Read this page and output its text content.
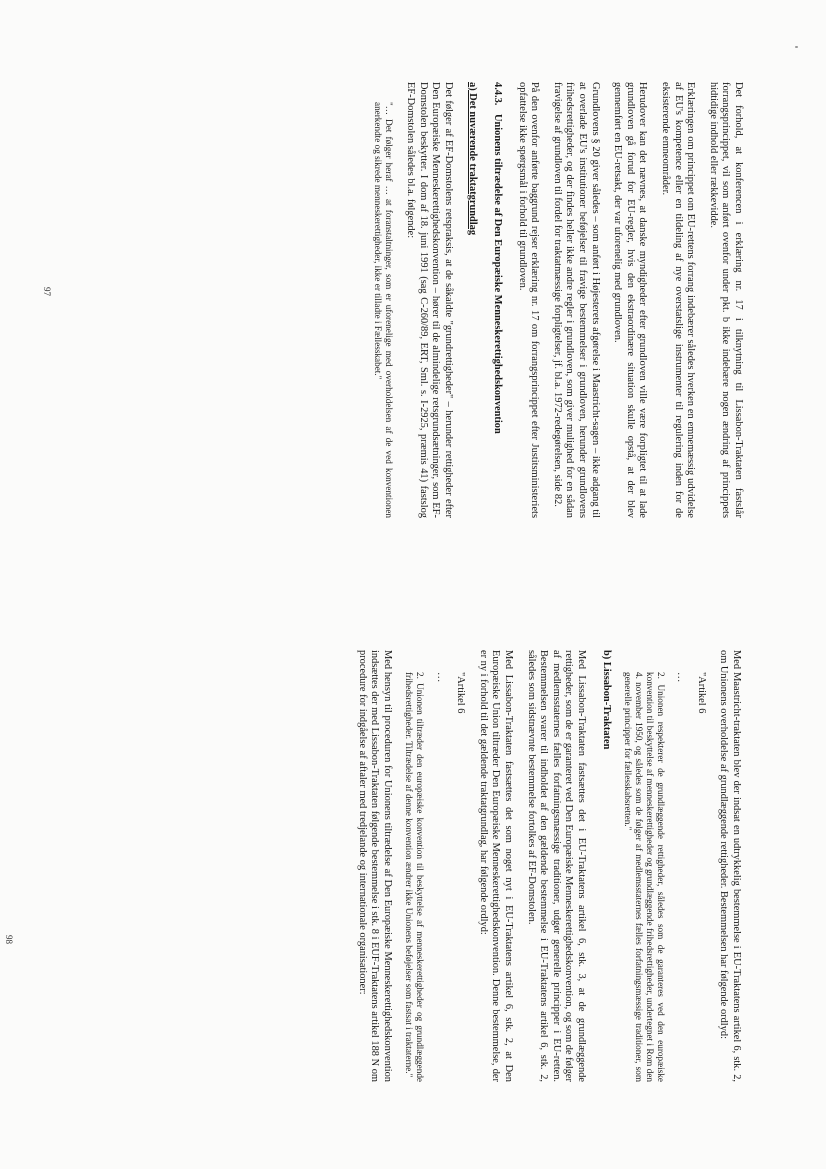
Det forhold, at konferencen i erklæring nr. 17 i tilknytning til Lissabon-Traktaten fastslår forrangsprincippet, vil som anført ovenfor under pkt. b ikke indebære nogen ændring af princippets hidtidige indhold eller rækkevidde.

Erklæringen om princippet om EU-rettens forrang indebærer således hverken en emnemæssig udvidelse af EU's kompetence eller en tildeling af nye overstatslige instrumenter til regulering inden for de eksisterende emneområder.

Herudover kan det nævnes, at danske myndigheder efter grundloven ville være forpligtet til at lade grundloven gå forud for EU-regler, hvis den ekstraordinære situation skulle opstå, at der blev gennemført en EU-retsakt, der var uforenelig med grundloven.

Grundlovens § 20 giver således – som anført i Højesterets afgørelse i Maastricht-sagen – ikke adgang til at overlade EU's institutioner beføjelser til fravige bestemmelser i grundloven, herunder grundlovens frihedsrettigheder, og der findes heller ikke andre regler i grundloven, som giver mulighed for en sådan fravigelse af grundloven til fordel for traktatmæssige forpligtelser, jf. bl.a. 1972-redegørelsen, side 82.

På den ovenfor anførte baggrund rejser erklæring nr. 17 om forrangsprincippet efter Justitsministeriets opfattelse ikke spørgsmål i forhold til grundloven.

4.4.3.
Unionens tiltrædelse af Den Europæiske Menneskerettighedskonvention

a) Det nuværende traktatgrundlag

Det følger af EF-Domstolens retspraksis, at de såkaldte "grundrettigheder" – herunder rettigheder efter Den Europæiske Menneskerettighedskonvention – hører til de almindelige retsgrundsætninger, som EF-Domstolen beskytter. I dom af 18. juni 1991 (sag C-260/89, ERT, Sml. s. I-2925, præmis 41) fastslog EF-Domstolen således bl.a. følgende:

"… Det følger heraf … at foranstaltninger, som er uforenelige med overholdelsen af de ved konventionen anerkendte og sikrede menneskerettigheder, ikke er tilladte i Fællesskabet."

97

Med Maastricht-traktaten blev der indsat en udtrykkelig bestemmelse i EU-Traktatens artikel 6, stk. 2, om Unionens overholdelse af grundlæggende rettigheder. Bestemmelsen har følgende ordlyd:

"Artikel 6

…

2. Unionen respekterer de grundlæggende rettigheder, således som de garanteres ved den europæiske konvention til beskyttelse af menneskerettigheder og grundlæggende frihedsrettigheder, undertegnet i Rom den 4. november 1950, og således som de følger af medlemsstaternes fælles forfatningsmæssige traditioner, som generelle principper for fællesskabsretten."

b) Lissabon-Traktaten

Med Lissabon-Traktaten fastsættes det i EU-Traktatens artikel 6, stk. 3, at de grundlæggende rettigheder, som de er garanteret ved Den Europæiske Menneskerettighedskonvention, og som de følger af medlemsstaternes fælles forfatningsmæssige traditioner, udgør generelle principper i EU-retten. Bestemmelsen svarer til indholdet af den gældende bestemmelse i EU-Traktatens artikel 6, stk. 2, således som sidstnævnte bestemmelse fortolkes af EF-Domstolen.

Med Lissabon-Traktaten fastsættes det som noget nyt i EU-Traktatens artikel 6, stk. 2, at Den Europæiske Union tiltræder Den Europæiske Menneskerettighedskonvention. Denne bestemmelse, der er ny i forhold til det gældende traktatgrundlag, har følgende ordlyd:

"Artikel 6

…

2. Unionen tiltræder den europæiske konvention til beskyttelse af menneskerettigheder og grundlæggende frihedsrettigheder. Tiltrædelse af denne konvention ændrer ikke Unionens beføjelser som fastsat i traktaterne."

Med hensyn til proceduren for Unionens tiltrædelse af Den Europæiske Menneskerettighedskonvention indsættes der med Lissabon-Traktaten følgende bestemmelse i stk. 8 i EUF-Traktatens artikel 188 N om procedure for indgåelse af aftaler med tredjelande og internationale organisationer:

98
